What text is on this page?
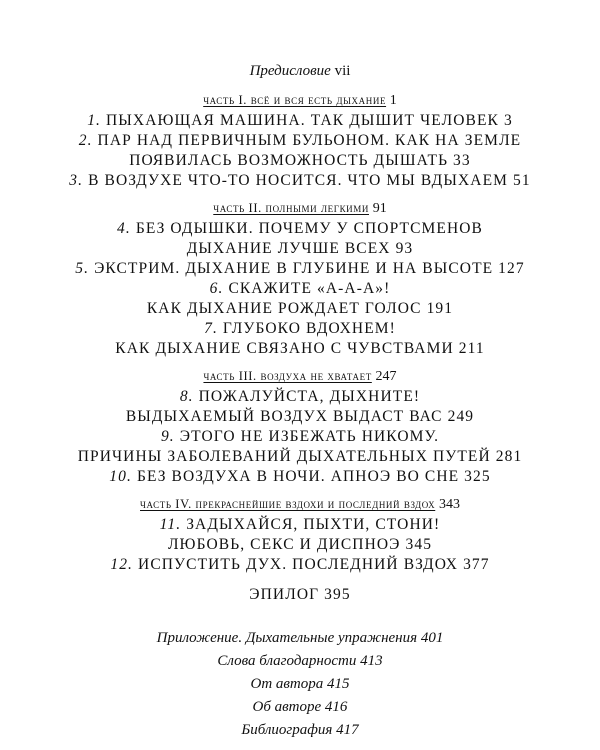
Предисловие vii
часть I. всё и вся есть дыхание 1
1. ПЫХАЮЩАЯ МАШИНА. ТАК ДЫШИТ ЧЕЛОВЕК 3
2. ПАР НАД ПЕРВИЧНЫМ БУЛЬОНОМ. КАК НА ЗЕМЛЕ
ПОЯВИЛАСЬ ВОЗМОЖНОСТЬ ДЫШАТЬ 33
3. В ВОЗДУХЕ ЧТО-ТО НОСИТСЯ. ЧТО МЫ ВДЫХАЕМ 51
часть II. полными легкими 91
4. БЕЗ ОДЫШКИ. ПОЧЕМУ У СПОРТСМЕНОВ
ДЫХАНИЕ ЛУЧШЕ ВСЕХ 93
5. ЭКСТРИМ. ДЫХАНИЕ В ГЛУБИНЕ И НА ВЫСОТЕ 127
6. СКАЖИТЕ «А-А-А»!
КАК ДЫХАНИЕ РОЖДАЕТ ГОЛОС 191
7. ГЛУБОКО ВДОХНЕМ!
КАК ДЫХАНИЕ СВЯЗАНО С ЧУВСТВАМИ 211
часть III. воздуха не хватает 247
8. ПОЖАЛУЙСТА, ДЫХНИТЕ!
ВЫДЫХАЕМЫЙ ВОЗДУХ ВЫДАСТ ВАС 249
9. ЭТОГО НЕ ИЗБЕЖАТЬ НИКОМУ.
ПРИЧИНЫ ЗАБОЛЕВАНИЙ ДЫХАТЕЛЬНЫХ ПУТЕЙ 281
10. БЕЗ ВОЗДУХА В НОЧИ. АПНОЭ ВО СНЕ 325
часть IV. прекраснейшие вздохи и последний вздох 343
11. ЗАДЫХАЙСЯ, ПЫХТИ, СТОНИ!
ЛЮБОВЬ, СЕКС И ДИСПНОЭ 345
12. ИСПУСТИТЬ ДУХ. ПОСЛЕДНИЙ ВЗДОХ 377
ЭПИЛОГ 395
Приложение. Дыхательные упражнения 401
Слова благодарности 413
От автора 415
Об авторе 416
Библиография 417
